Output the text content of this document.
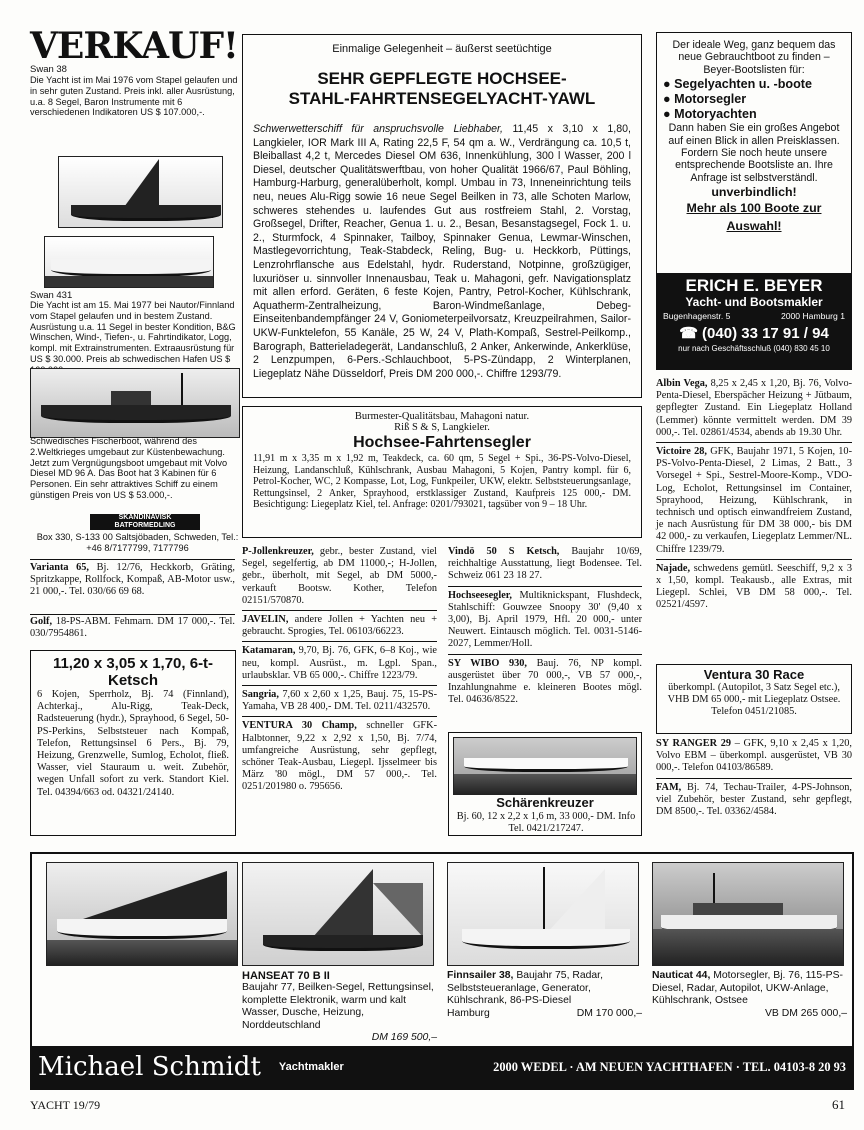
VERKAUF!
Swan 38
Die Yacht ist im Mai 1976 vom Stapel gelaufen und in sehr guten Zustand. Preis inkl. aller Ausrüstung, u.a. 8 Segel, Baron Instrumente mit 6 verschiedenen Indikatoren US $ 107.000,-.
Swan 431
Die Yacht ist am 15. Mai 1977 bei Nautor/Finnland vom Stapel gelaufen und in bestem Zustand. Ausrüstung u.a. 11 Segel in bester Kondition, B&G Winschen, Wind-, Tiefen-, u. Fahrtindikator, Logg, kompl. mit Extrainstrumenten. Extraausrüstung für US $ 30.000. Preis ab schwedischen Hafen US $
Schwedisches Fischerboot, während des 2.Weltkrieges umgebaut zur Küstenbewachung. Jetzt zum Vergnügungsboot umgebaut mit Volvo Diesel MD 96 A. Das Boot hat 3 Kabinen für 6 Personen. Ein sehr attraktives Schiff zu einem günstigen Preis von US $ 53.000,-.
SKANDINAVISK
BATFORMEDLING
Box 330, S-133 00 Saltsjöbaden, Schweden, Tel.: +46 8/7177799, 7177796

Varianta 65, Bj. 12/76, Heckkorb, Gräting, Spritzkappe, Rollfock, Kompaß, AB-Motor usw., 21 000,-. Tel. 030/66 69 68.

Golf, 18-PS-ABM. Fehmarn. DM 17 000,-. Tel. 030/7954861.

11,20 x 3,05 x 1,70, 6-t-Ketsch

6 Kojen, Sperrholz, Bj. 74 (Finnland), Achterkaj., Alu-Rigg, Teak-Deck, Radsteuerung (hydr.), Sprayhood, 6 Segel, 50-PS-Perkins, Selbststeuer nach Kompaß, Telefon, Rettungsinsel 6 Pers., Bj. 79, Heizung, Grenzwelle, Sumlog, Echolot, fließ. Wasser, viel Stauraum u. weit. Zubehör, wegen Unfall sofort zu verk. Standort Kiel. Tel. 04394/663 od. 04321/24140.

Einmalige Gelegenheit – äußerst seetüchtige
SEHR GEPFLEGTE HOCHSEE-
STAHL-FAHRTENSEGELYACHT-YAWL

Schwerwetterschiff für anspruchsvolle Liebhaber, 11,45 x 3,10 x 1,80, Langkieler, IOR Mark III A, Rating 22,5 F, 54 qm a. W., Verdrängung ca. 10,5 t, Bleiballast 4,2 t, Mercedes Diesel OM 636, Innenkühlung, 300 l Wasser, 200 l Diesel, deutscher Qualitätswerftbau, von hoher Qualität 1966/67, Paul Böhling, Hamburg-Harburg, generalüberholt, kompl. Umbau in 73, Inneneinrichtung teils neu, neues Alu-Rigg sowie 16 neue Segel Beilken in 73, alle Schoten Marlow, schweres stehendes u. laufendes Gut aus rostfreiem Stahl, 2. Vorstag, Großsegel, Drifter, Reacher, Genua 1. u. 2., Besan, Besanstagsegel, Fock 1. u. 2., Sturmfock, 4 Spinnaker, Tailboy, Spinnaker Genua, Lewmar-Winschen, Mastlegevorrichtung, Teak-Stabdeck, Reling, Bug- u. Heckkorb, Püttings, Lenzrohrflansche aus Edelstahl, hydr. Ruderstand, Notpinne, großzügiger, luxuriöser u. sinnvoller Innenausbau, Teak u. Mahagoni, gefr. Navigationsplatz mit allen erford. Geräten, 6 feste Kojen, Pantry, Petrol-Kocher, Kühlschrank, Aquatherm-Zentralheizung, Baron-Windmeßanlage, Debeg-Einseitenbandempfänger 24 V, Goniometerpeilvorsatz, Kreuzpeilrahmen, Sailor-UKW-Funktelefon, 55 Kanäle, 25 W, 24 V, Plath-Kompaß, Sestrel-Peilkomp., Barograph, Batterieladegerät, Landanschluß, 2 Anker, Ankerwinde, Ankerklüse, 2 Lenzpumpen, 6-Pers.-Schlauchboot, 5-PS-Zündapp, 2 Winterplanen, Liegeplatz Nähe Düsseldorf, Preis DM 200 000,-. Chiffre 1293/79.

Burmester-Qualitätsbau, Mahagoni natur.
Riß S & S, Langkieler.
Hochsee-Fahrtensegler

11,91 m x 3,35 m x 1,92 m, Teakdeck, ca. 60 qm, 5 Segel + Spi., 36-PS-Volvo-Diesel, Heizung, Landanschluß, Kühlschrank, Ausbau Mahagoni, 5 Kojen, Pantry kompl. für 6, Petrol-Kocher, WC, 2 Kompasse, Lot, Log, Funkpeiler, UKW, elektr. Selbststeuerungsanlage, Rettungsinsel, 2 Anker, Sprayhood, erstklassiger Zustand, Kaufpreis 125 000,- DM. Besichtigung: Liegeplatz Kiel, tel. Anfrage: 0201/793021, tagsüber von 9 – 18 Uhr.

P-Jollenkreuzer, gebr., bester Zustand, viel Segel, segelfertig, ab DM 11000,-; H-Jollen, gebr., überholt, mit Segel, ab DM 5000,- verkauft Bootsw. Kother, Telefon 02151/570870.

JAVELIN, andere Jollen + Yachten neu + gebraucht. Sprogies, Tel. 06103/66223.

Katamaran, 9,70, Bj. 76, GFK, 6–8 Koj., wie neu, kompl. Ausrüst., m. Lgpl. Span., urlaubsklar. VB 65 000,-. Chiffre 1223/79.

Sangria, 7,60 x 2,60 x 1,25, Bauj. 75, 15-PS-Yamaha, VB 28 400,- DM. Tel. 0211/432570.

VENTURA 30 Champ, schneller GFK-Halbtonner, 9,22 x 2,92 x 1,50, Bj. 7/74, umfangreiche Ausrüstung, sehr gepflegt, schöner Teak-Ausbau, Liegepl. Ijsselmeer bis März '80 mögl., DM 57 000,-. Tel. 0251/201980 o. 795656.

Vindö 50 S Ketsch, Baujahr 10/69, reichhaltige Ausstattung, liegt Bodensee. Tel. Schweiz 061 23 18 27.

Hochseesegler, Multiknickspant, Flushdeck, Stahlschiff: Gouwzee Snoopy 30' (9,40 x 3,00), Bj. April 1979, Hfl. 20 000,- unter Neuwert. Eintausch möglich. Tel. 0031-5146-2027, Lemmer/Holl.

SY WIBO 930, Bauj. 76, NP kompl. ausgerüstet über 70 000,-, VB 57 000,-, Inzahlungnahme e. kleineren Bootes mögl. Tel. 04636/8522.

Schärenkreuzer
Bj. 60, 12 x 2,2 x 1,6 m, 33 000,- DM. Info Tel. 0421/217247.
Der ideale Weg, ganz bequem das neue Gebrauchtboot zu finden – Beyer-Bootslisten für:
● Segelyachten u. -boote
● Motorsegler
● Motoryachten
Dann haben Sie ein großes Angebot auf einen Blick in allen Preisklassen. Fordern Sie noch heute unsere entsprechende Bootsliste an. Ihre Anfrage ist selbstverständl.
unverbindlich!
Mehr als 100 Boote zur Auswahl!
ERICH E. BEYER
Yacht- und Bootsmakler
Bugenhagenstr. 5	2000 Hamburg 1
☎ (040) 33 17 91 / 94
nur nach Geschäftsschluß (040) 830 45 10

Albin Vega, 8,25 x 2,45 x 1,20, Bj. 76, Volvo-Penta-Diesel, Eberspächer Heizung + Jütbaum, gepflegter Zustand. Ein Liegeplatz Holland (Lemmer) könnte vermittelt werden. DM 39 000,-. Tel. 02861/4534, abends ab 19.30 Uhr.

Victoire 28, GFK, Baujahr 1971, 5 Kojen, 10-PS-Volvo-Penta-Diesel, 2 Limas, 2 Batt., 3 Vorsegel + Spi., Sestrel-Moore-Komp., VDO-Log, Echolot, Rettungsinsel im Container, Sprayhood, Heizung, Kühlschrank, in technisch und optisch einwandfreiem Zustand, je nach Ausrüstung für DM 38 000,- bis DM 42 000,- zu verkaufen, Liegeplatz Lemmer/NL. Chiffre 1239/79.

Najade, schwedens gemütl. Seeschiff, 9,2 x 3 x 1,50, kompl. Teakausb., alle Extras, mit Liegepl. Schlei, VB DM 58 000,-. Tel. 02521/4597.

Ventura 30 Race
überkompl. (Autopilot, 3 Satz Segel etc.), VHB DM 65 000,- mit Liegeplatz Ostsee. Telefon 0451/21085.

SY RANGER 29 – GFK, 9,10 x 2,45 x 1,20, Volvo EBM – überkompl. ausgerüstet, VB 30 000,-. Telefon 04103/86589.

FAM, Bj. 74, Techau-Trailer, 4-PS-Johnson, viel Zubehör, bester Zustand, sehr gepflegt, DM 8500,-. Tel. 03362/4584.

HANSEAT 70 B II
Baujahr 77, Beilken-Segel, Rettungsinsel, komplette Elektronik, warm und kalt Wasser, Dusche, Heizung, Norddeutschland
DM 169 500,–

Finnsailer 38, Baujahr 75, Radar, Selbststeueranlage, Generator, Kühlschrank, 86-PS-Diesel

Hamburg	DM 170 000,–

Nauticat 44, Motorsegler, Bj. 76, 115-PS-Diesel, Radar, Autopilot, UKW-Anlage, Kühlschrank, Ostsee

VB DM 265 000,–
Michael Schmidt Yachtmakler	2000 WEDEL · AM NEUEN YACHTHAFEN · TEL. 04103-8 20 93
YACHT 19/79	61
